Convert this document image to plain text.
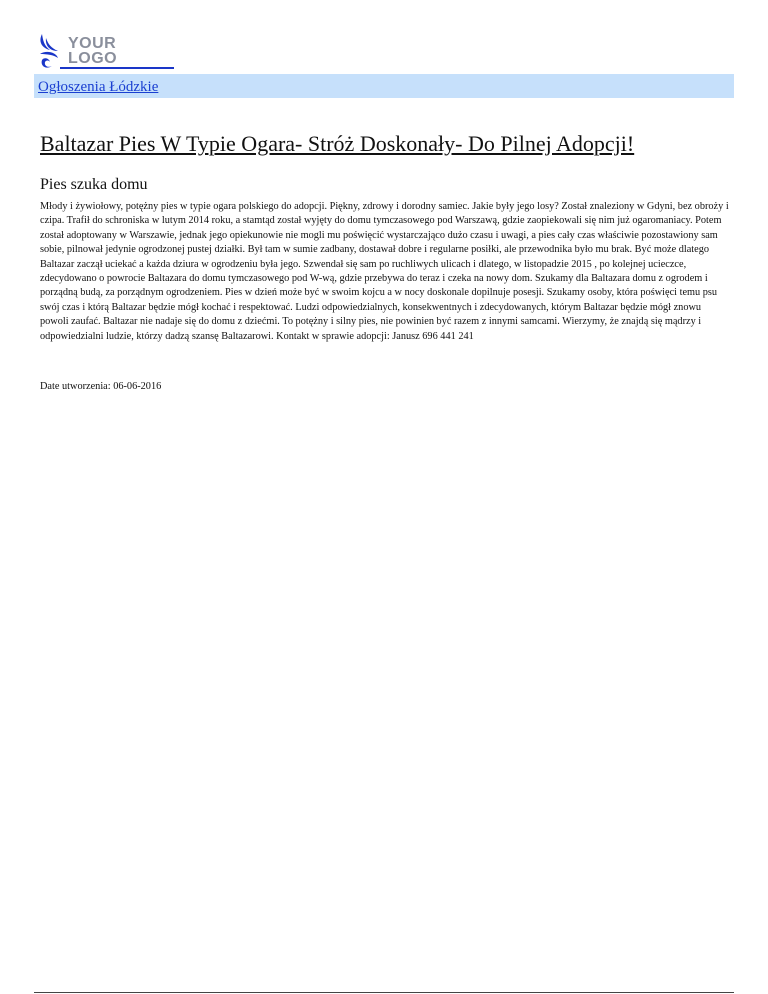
YOUR
LOGO
Ogłoszenia Łódzkie
Baltazar Pies W Typie Ogara- Stróż Doskonały- Do Pilnej Adopcji!
Pies szuka domu

Młody i żywiołowy, potężny pies w typie ogara polskiego do adopcji. Piękny, zdrowy i dorodny samiec. Jakie były jego losy? Został znaleziony w Gdyni, bez obroży i czipa. Trafił do schroniska w lutym 2014 roku, a stamtąd został wyjęty do domu tymczasowego pod Warszawą, gdzie zaopiekowali się nim już ogaromaniacy. Potem został adoptowany w Warszawie, jednak jego opiekunowie nie mogli mu poświęcić wystarczająco dużo czasu i uwagi, a pies cały czas właściwie pozostawiony sam sobie, pilnował jedynie ogrodzonej pustej działki. Był tam w sumie zadbany, dostawał dobre i regularne posiłki, ale przewodnika było mu brak. Być może dlatego Baltazar zaczął uciekać a każda dziura w ogrodzeniu była jego. Szwendał się sam po ruchliwych ulicach i dlatego, w listopadzie 2015 , po kolejnej ucieczce, zdecydowano o powrocie Baltazara do domu tymczasowego pod W-wą, gdzie przebywa do teraz i czeka na nowy dom. Szukamy dla Baltazara domu z ogrodem i porządną budą, za porządnym ogrodzeniem. Pies w dzień może być w swoim kojcu a w nocy doskonale dopilnuje posesji. Szukamy osoby, która poświęci temu psu swój czas i którą Baltazar będzie mógł kochać i respektować. Ludzi odpowiedzialnych, konsekwentnych i zdecydowanych, którym Baltazar będzie mógł znowu powoli zaufać. Baltazar nie nadaje się do domu z dziećmi. To potężny i silny pies, nie powinien być razem z innymi samcami. Wierzymy, że znajdą się mądrzy i odpowiedzialni ludzie, którzy dadzą szansę Baltazarowi. Kontakt w sprawie adopcji: Janusz 696 441 241

Date utworzenia: 06-06-2016
